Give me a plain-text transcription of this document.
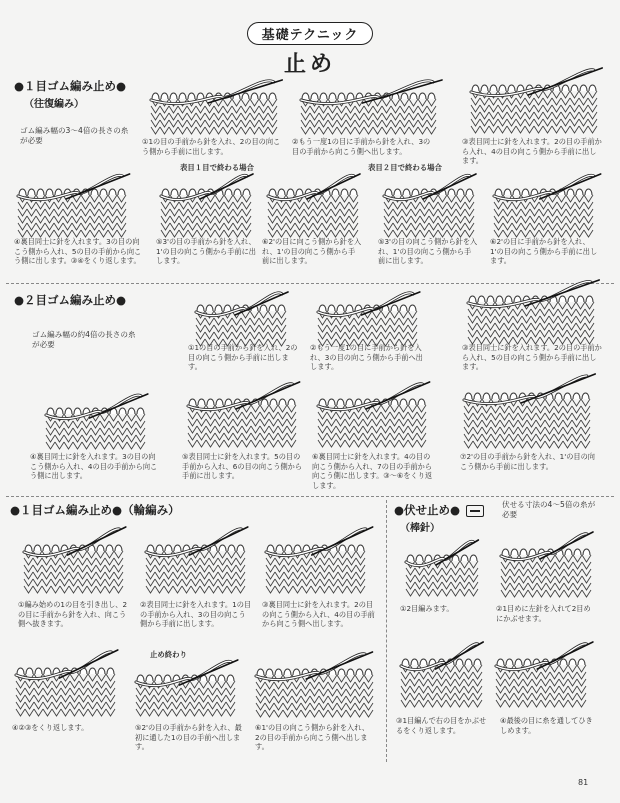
基礎テクニック
止め
●１目ゴム編み止め●
（往復編み）
ゴム編み幅の3～4倍の長さの糸が必要	①1の目の手前から針を入れ、2の目の向こう側から手前に出します。
②もう一度1の目に手前から針を入れ、3の目の手前から向こう側へ出します。
③表目同士に針を入れます。2の目の手前から入れ、4の目の向こう側から手前に出します。
表目１目で終わる場合	表目２目で終わる場合
④裏目同士に針を入れます。3の目の向こう側から入れ、5の目の手前から向こう側に出します。③④をくり返します。
⑤3'の目の手前から針を入れ、1'の目の向こう側から手前に出します。
⑥2'の目に向こう側から針を入れ、1'の目の向こう側から手前に出します。
⑤3'の目の向こう側から針を入れ、1'の目の向こう側から手前に出します。
⑥2'の目に手前から針を入れ、1'の目の向こう側から手前に出します。
●２目ゴム編み止め●
ゴム編み幅の約4倍の長さの糸が必要	①1の目の手前から針を入れ、2の目の向こう側から手前に出します。
②もう一度1の目に手前から針を入れ、3の目の向こう側から手前へ出します。
③表目同士に針を入れます。2の目の手前から入れ、5の目の向こう側から手前に出します。
④裏目同士に針を入れます。3の目の向こう側から入れ、4の目の手前から向こう側に出します。
⑤表目同士に針を入れます。5の目の手前から入れ、6の目の向こう側から手前に出します。
⑥裏目同士に針を入れます。4の目の向こう側から入れ、7の目の手前から向こう側に出します。③～⑥をくり返します。
⑦2'の目の手前から針を入れ、1'の目の向こう側から手前に出します。
●１目ゴム編み止め●（輪編み）
①編み始めの1の目を引き出し、2の目に手前から針を入れ、向こう側へ抜きます。
②表目同士に針を入れます。1の目の手前から入れ、3の目の向こう側から手前に出します。
③裏目同士に針を入れます。2の目の向こう側から入れ、4の目の手前から向こう側へ出します。
止め終わり
④②③をくり返します。	⑤2'の目の手前から針を入れ、最初に通した1の目の手前へ出します。
⑥1'の目の向こう側から針を入れ、2の目の手前から向こう側へ出します。
●伏せ止め●
（棒針）
伏せる寸法の4～5倍の糸が必要
①2目編みます。	②1目めに左針を入れて2目めにかぶせます。
③1目編んで右の目をかぶせるをくり返します。
④最後の目に糸を通してひきしめます。
81
